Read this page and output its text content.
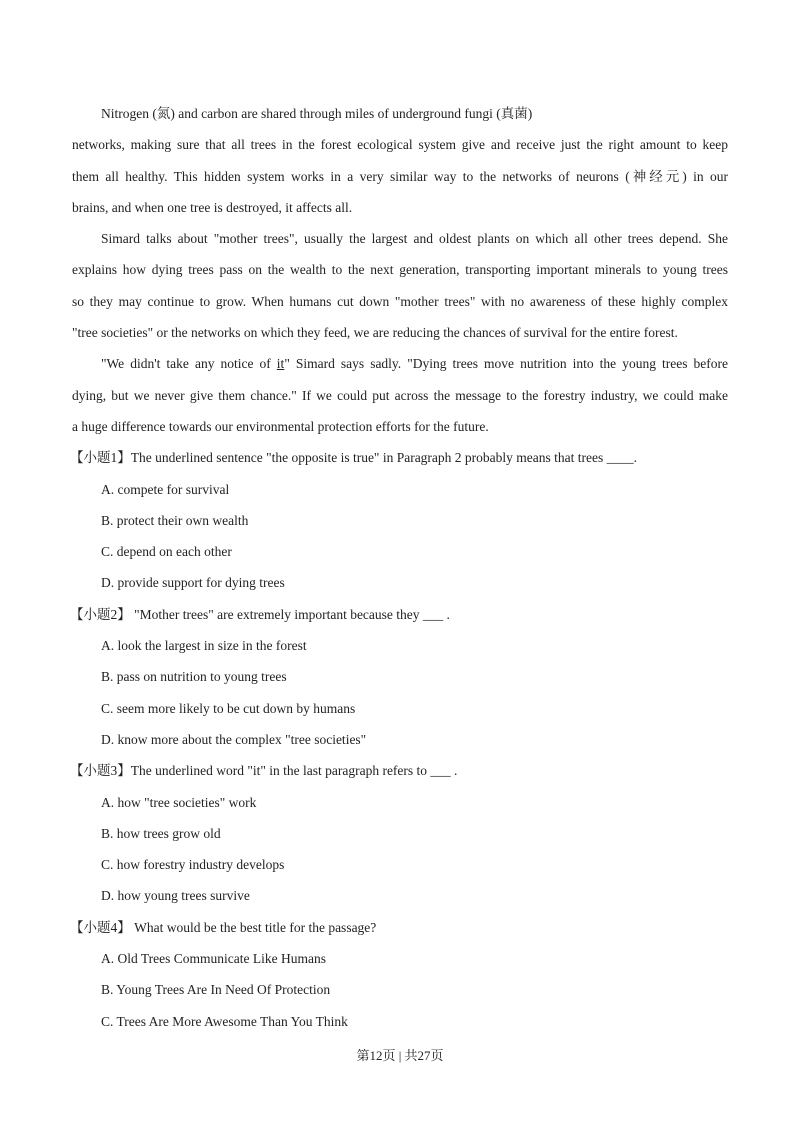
Nitrogen (氮) and carbon are shared through miles of underground fungi (真菌)
networks, making sure that all trees in the forest ecological system give and receive just the right amount to keep
them all healthy. This hidden system works in a very similar way to the networks of neurons (神经元) in our
brains, and when one tree is destroyed, it affects all.
Simard talks about "mother trees", usually the largest and oldest plants on which all other trees depend. She
explains how dying trees pass on the wealth to the next generation, transporting important minerals to young trees
so they may continue to grow. When humans cut down "mother trees" with no awareness of these highly complex
"tree societies" or the networks on which they feed, we are reducing the chances of survival for the entire forest.
"We didn't take any notice of it" Simard says sadly. "Dying trees move nutrition into the young trees before
dying, but we never give them chance." If we could put across the message to the forestry industry, we could make
a huge difference towards our environmental protection efforts for the future.
【小题1】The underlined sentence "the opposite is true" in Paragraph 2 probably means that trees ____.
A. compete for survival
B. protect their own wealth
C. depend on each other
D. provide support for dying trees
【小题2】 "Mother trees" are extremely important because they ___ .
A. look the largest in size in the forest
B. pass on nutrition to young trees
C. seem more likely to be cut down by humans
D. know more about the complex "tree societies"
【小题3】The underlined word "it" in the last paragraph refers to ___ .
A. how "tree societies" work
B. how trees grow old
C. how forestry industry develops
D. how young trees survive
【小题4】 What would be the best title for the passage?
A. Old Trees Communicate Like Humans
B. Young Trees Are In Need Of Protection
C. Trees Are More Awesome Than You Think
第12页 | 共27页
